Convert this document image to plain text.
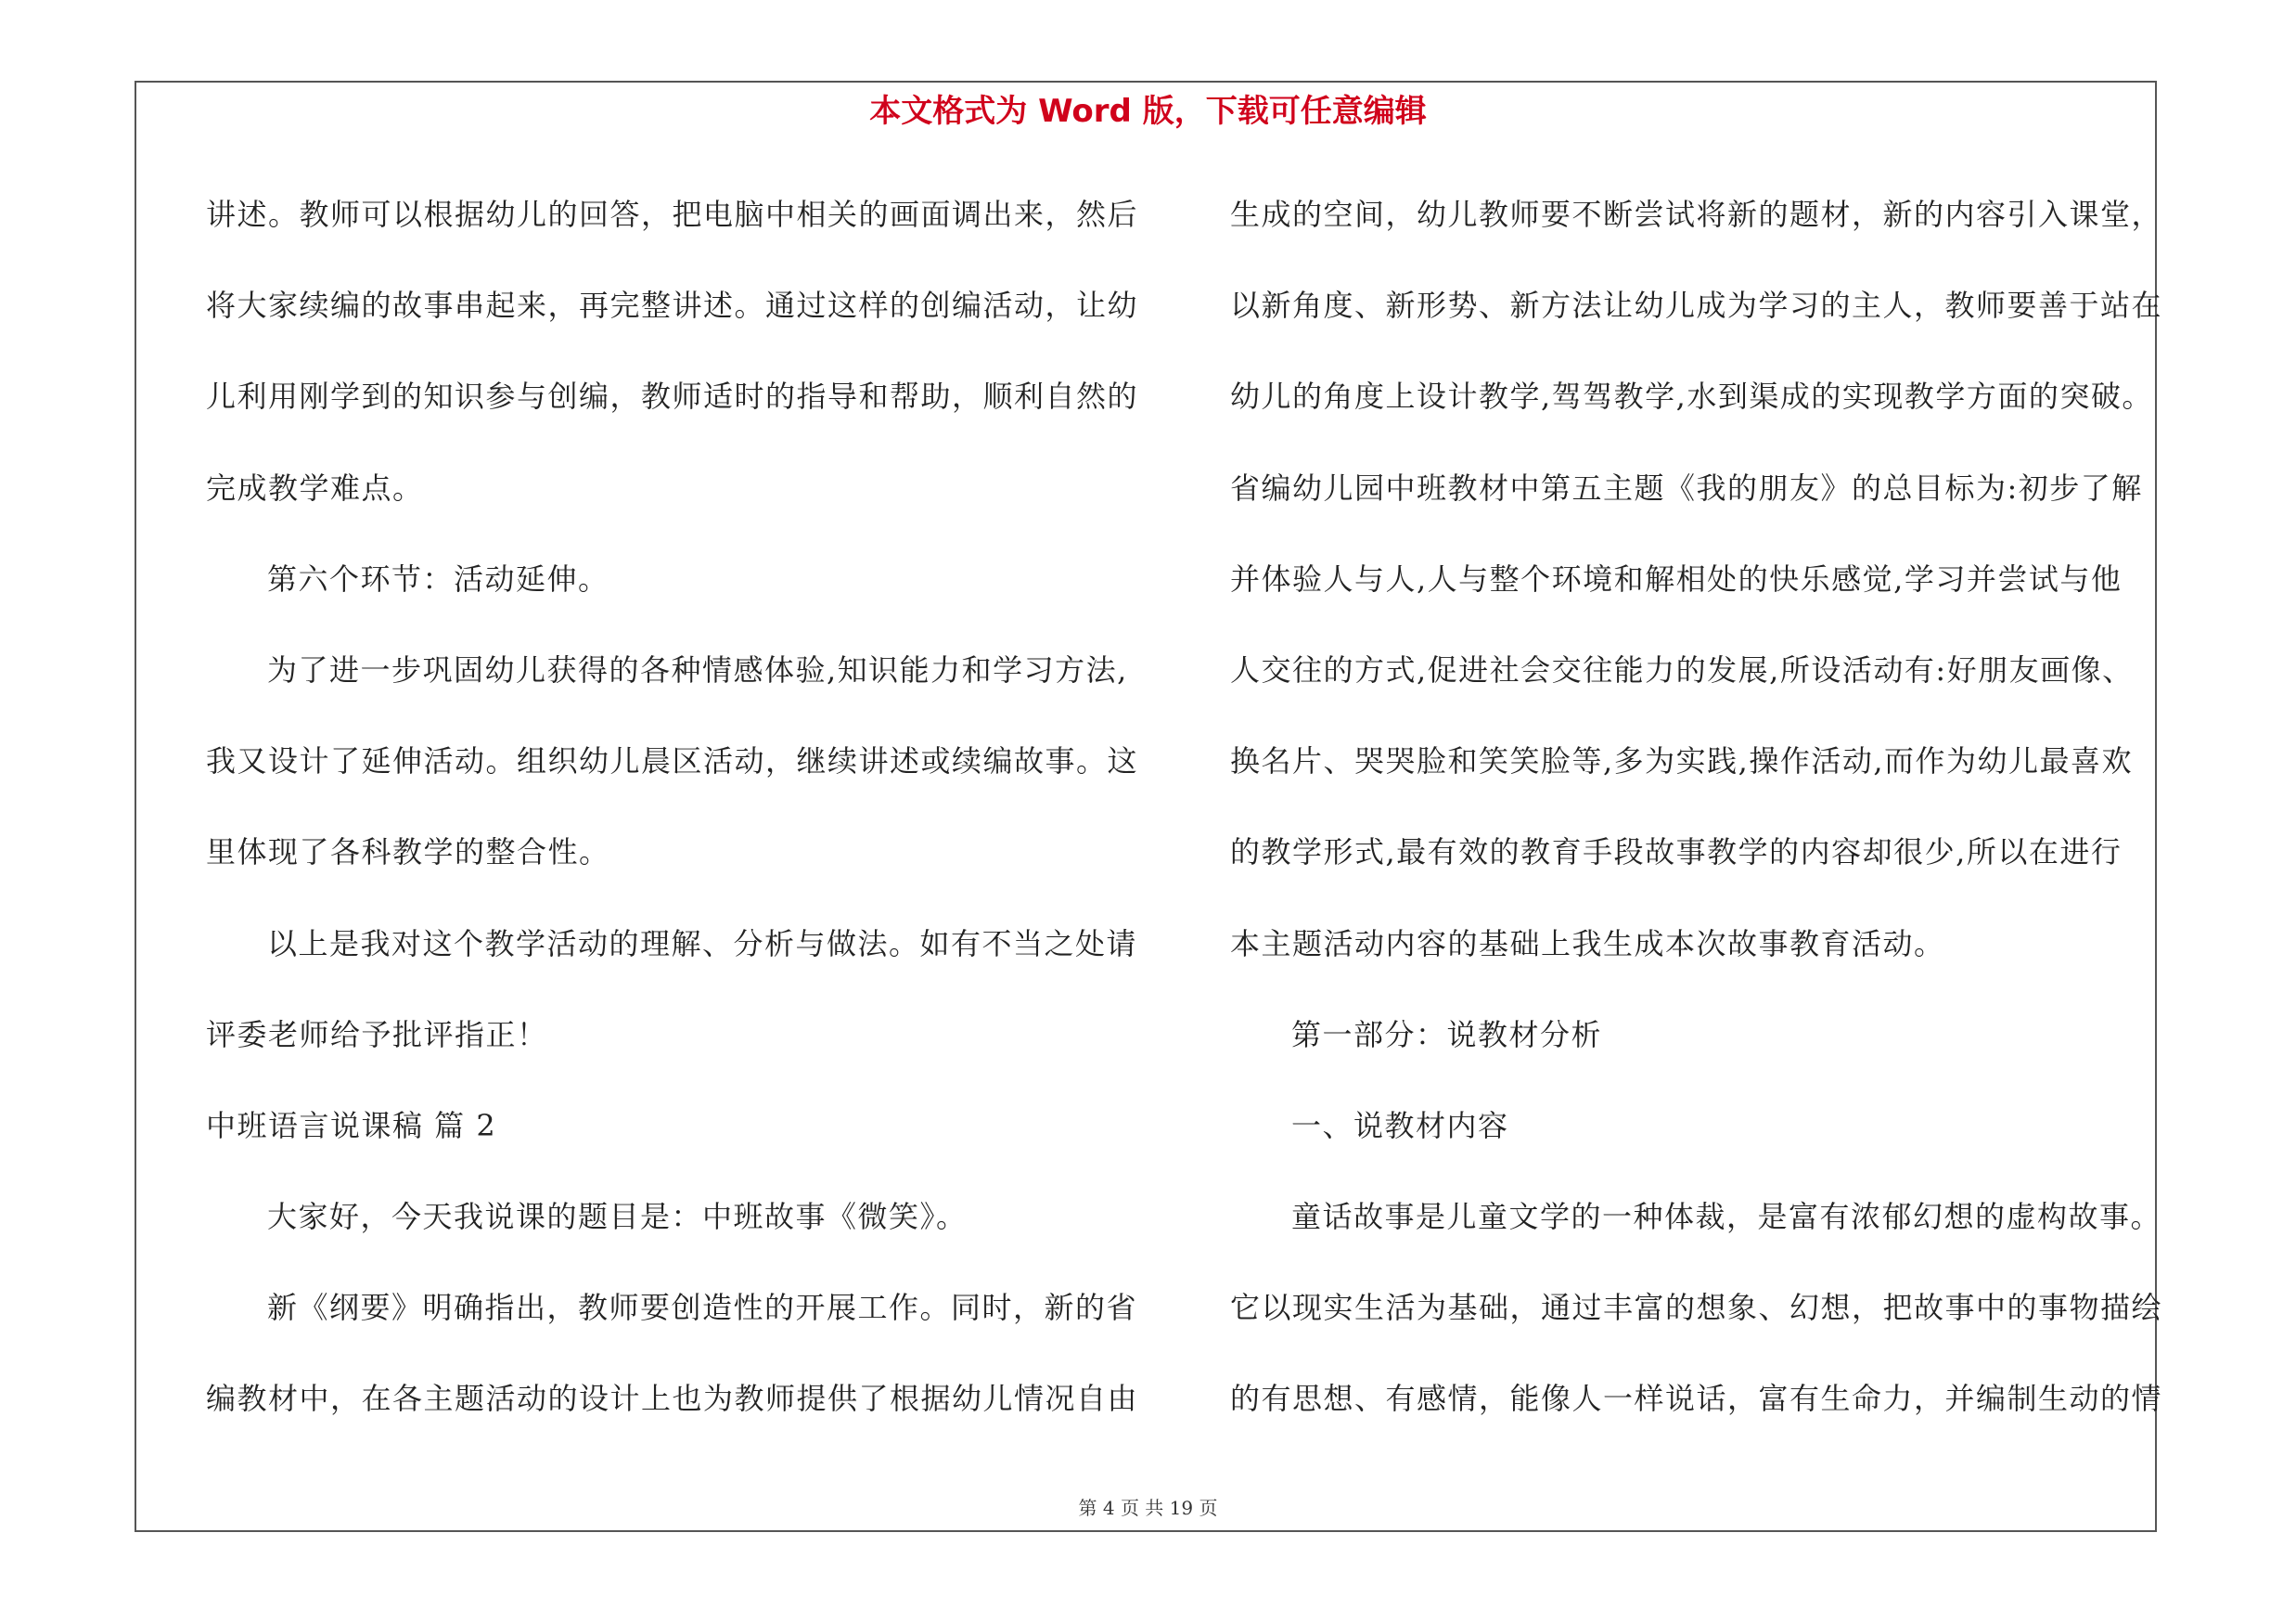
本文格式为 Word 版，下载可任意编辑
讲述。教师可以根据幼儿的回答，把电脑中相关的画面调出来，然后
将大家续编的故事串起来，再完整讲述。通过这样的创编活动，让幼
儿利用刚学到的知识参与创编，教师适时的指导和帮助，顺利自然的
完成教学难点。
第六个环节：活动延伸。
为了进一步巩固幼儿获得的各种情感体验,知识能力和学习方法,
我又设计了延伸活动。组织幼儿晨区活动，继续讲述或续编故事。这
里体现了各科教学的整合性。
以上是我对这个教学活动的理解、分析与做法。如有不当之处请
评委老师给予批评指正！
中班语言说课稿 篇 2
大家好，今天我说课的题目是：中班故事《微笑》。
新《纲要》明确指出，教师要创造性的开展工作。同时，新的省
编教材中，在各主题活动的设计上也为教师提供了根据幼儿情况自由
生成的空间，幼儿教师要不断尝试将新的题材，新的内容引入课堂，
以新角度、新形势、新方法让幼儿成为学习的主人，教师要善于站在
幼儿的角度上设计教学,驾驾教学,水到渠成的实现教学方面的突破。
省编幼儿园中班教材中第五主题《我的朋友》的总目标为:初步了解
并体验人与人,人与整个环境和解相处的快乐感觉,学习并尝试与他
人交往的方式,促进社会交往能力的发展,所设活动有:好朋友画像、
换名片、哭哭脸和笑笑脸等,多为实践,操作活动,而作为幼儿最喜欢
的教学形式,最有效的教育手段故事教学的内容却很少,所以在进行
本主题活动内容的基础上我生成本次故事教育活动。
第一部分：说教材分析
一、说教材内容
童话故事是儿童文学的一种体裁，是富有浓郁幻想的虚构故事。
它以现实生活为基础，通过丰富的想象、幻想，把故事中的事物描绘
的有思想、有感情，能像人一样说话，富有生命力，并编制生动的情
第 4 页 共 19 页
